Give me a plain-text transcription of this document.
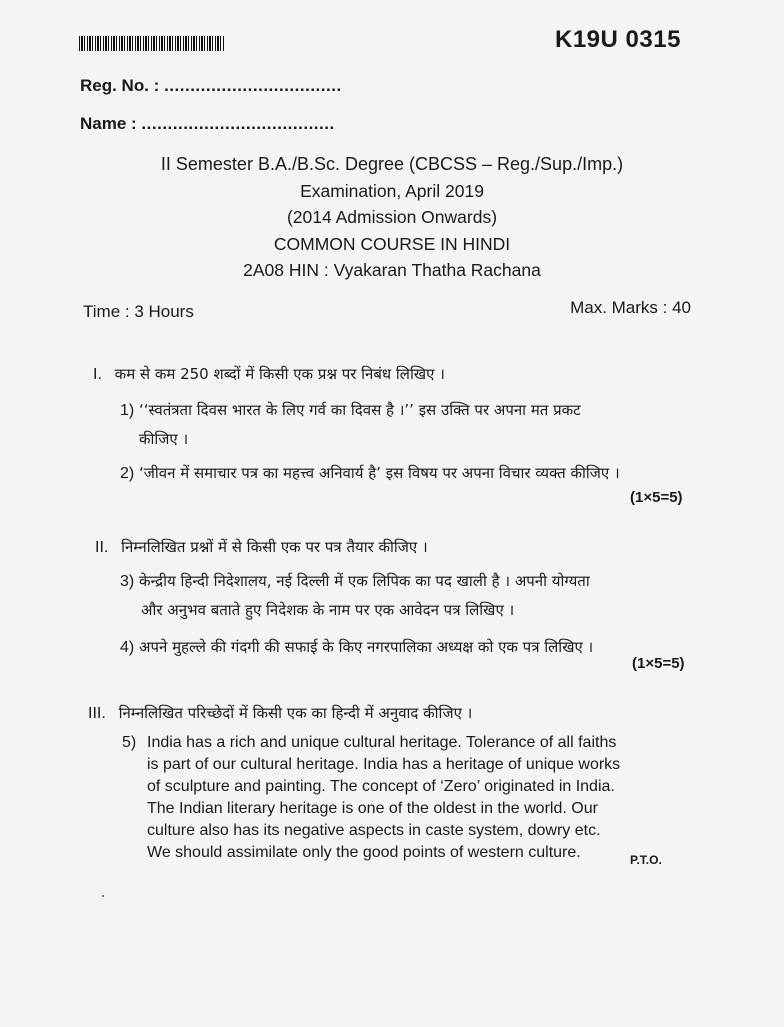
K19U 0315
Reg. No. : ..................................
Name : .....................................
II Semester B.A./B.Sc. Degree (CBCSS – Reg./Sup./Imp.)
Examination, April 2019
(2014 Admission Onwards)
COMMON COURSE IN HINDI
2A08 HIN : Vyakaran Thatha Rachana
Time : 3 Hours	Max. Marks : 40
I. कम से कम 250 शब्दों में किसी एक प्रश्न पर निबंध लिखिए ।
1) ‘‘स्वतंत्रता दिवस भारत के लिए गर्व का दिवस है ।’’ इस उक्ति पर अपना मत प्रकट
कीजिए ।
2) ‘जीवन में समाचार पत्र का महत्त्व अनिवार्य है’ इस विषय पर अपना विचार व्यक्त कीजिए ।
(1×5=5)
II. निम्नलिखित प्रश्नों में से किसी एक पर पत्र तैयार कीजिए ।
3) केन्द्रीय हिन्दी निदेशालय, नई दिल्ली में एक लिपिक का पद खाली है । अपनी योग्यता
और अनुभव बताते हुए निदेशक के नाम पर एक आवेदन पत्र लिखिए ।
4) अपने मुहल्ले की गंदगी की सफाई के किए नगरपालिका अध्यक्ष को एक पत्र लिखिए ।
(1×5=5)
III. निम्नलिखित परिच्छेदों में किसी एक का हिन्दी में अनुवाद कीजिए ।
5) India has a rich and unique cultural heritage. Tolerance of all faiths
is part of our cultural heritage. India has a heritage of unique works
of sculpture and painting. The concept of ‘Zero’ originated in India.
The Indian literary heritage is one of the oldest in the world. Our
culture also has its negative aspects in caste system, dowry etc.
We should assimilate only the good points of western culture.	P.T.O.
